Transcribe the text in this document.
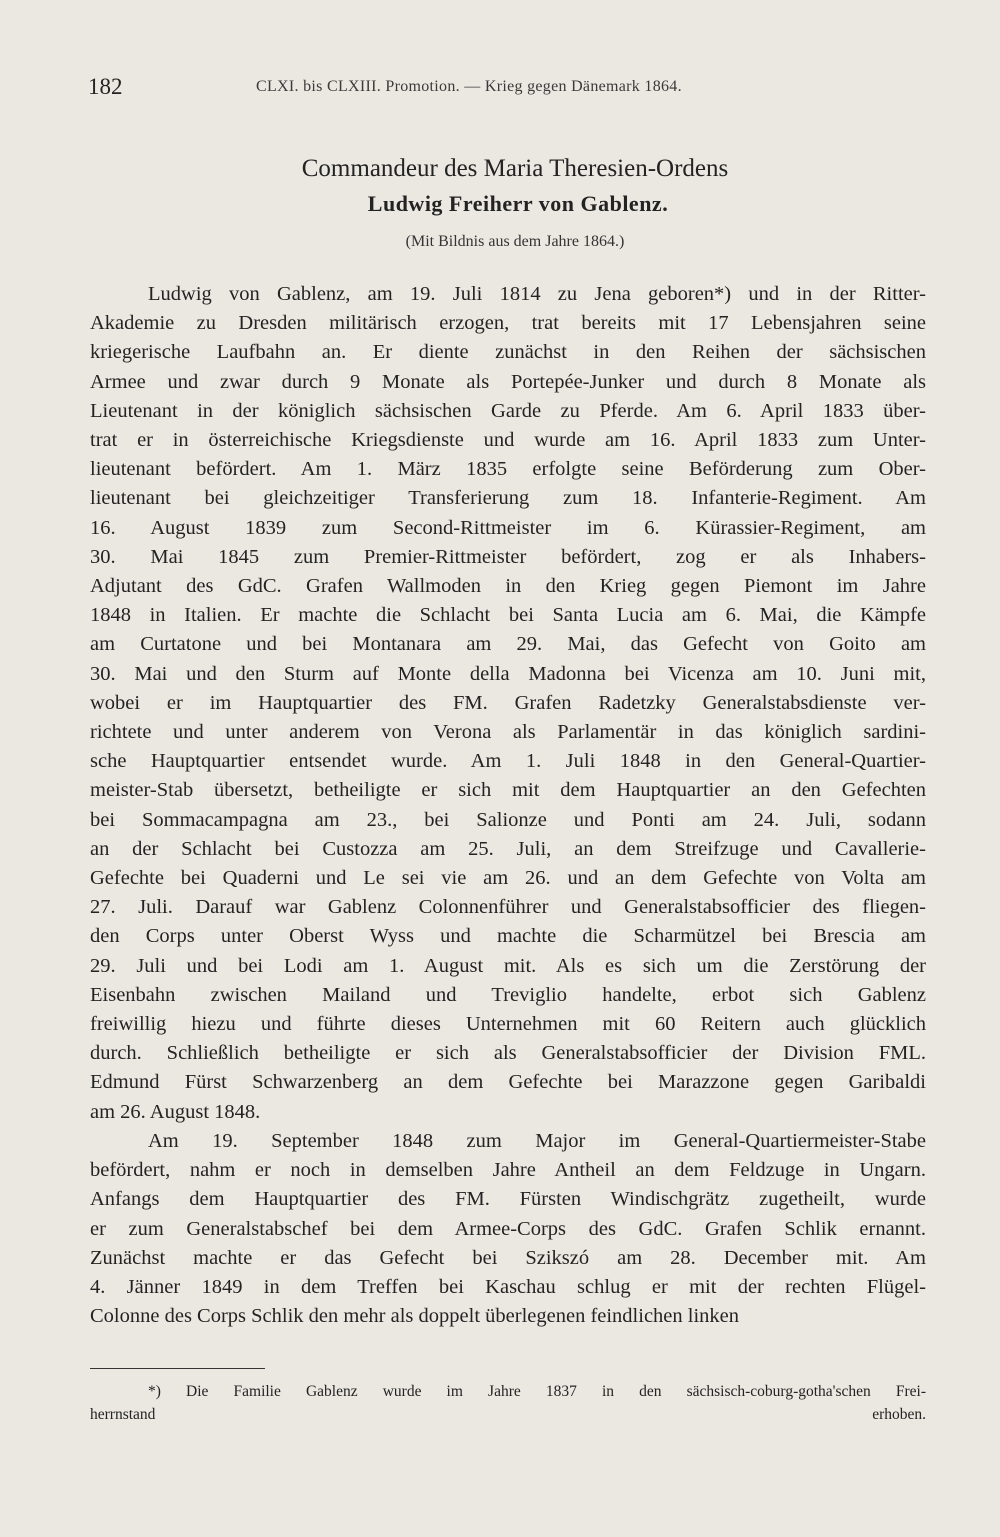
182	CLXI. bis CLXIII. Promotion. — Krieg gegen Dänemark 1864.
Commandeur des Maria Theresien-Ordens
Ludwig Freiherr von Gablenz.
(Mit Bildnis aus dem Jahre 1864.)
Ludwig von Gablenz, am 19. Juli 1814 zu Jena geboren*) und in der Ritter-
Akademie zu Dresden militärisch erzogen, trat bereits mit 17 Lebensjahren seine
kriegerische Laufbahn an. Er diente zunächst in den Reihen der sächsischen
Armee und zwar durch 9 Monate als Portepée-Junker und durch 8 Monate als
Lieutenant in der königlich sächsischen Garde zu Pferde. Am 6. April 1833 über-
trat er in österreichische Kriegsdienste und wurde am 16. April 1833 zum Unter-
lieutenant befördert. Am 1. März 1835 erfolgte seine Beförderung zum Ober-
lieutenant bei gleichzeitiger Transferierung zum 18. Infanterie-Regiment. Am
16. August 1839 zum Second-Rittmeister im 6. Kürassier-Regiment, am
30. Mai 1845 zum Premier-Rittmeister befördert, zog er als Inhabers-
Adjutant des GdC. Grafen Wallmoden in den Krieg gegen Piemont im Jahre
1848 in Italien. Er machte die Schlacht bei Santa Lucia am 6. Mai, die Kämpfe
am Curtatone und bei Montanara am 29. Mai, das Gefecht von Goito am
30. Mai und den Sturm auf Monte della Madonna bei Vicenza am 10. Juni mit,
wobei er im Hauptquartier des FM. Grafen Radetzky Generalstabsdienste ver-
richtete und unter anderem von Verona als Parlamentär in das königlich sardini-
sche Hauptquartier entsendet wurde. Am 1. Juli 1848 in den General-Quartier-
meister-Stab übersetzt, betheiligte er sich mit dem Hauptquartier an den Gefechten
bei Sommacampagna am 23., bei Salionze und Ponti am 24. Juli, sodann
an der Schlacht bei Custozza am 25. Juli, an dem Streifzuge und Cavallerie-
Gefechte bei Quaderni und Le sei vie am 26. und an dem Gefechte von Volta am
27. Juli. Darauf war Gablenz Colonnenführer und Generalstabsofficier des fliegen-
den Corps unter Oberst Wyss und machte die Scharmützel bei Brescia am
29. Juli und bei Lodi am 1. August mit. Als es sich um die Zerstörung der
Eisenbahn zwischen Mailand und Treviglio handelte, erbot sich Gablenz
freiwillig hiezu und führte dieses Unternehmen mit 60 Reitern auch glücklich
durch. Schließlich betheiligte er sich als Generalstabsofficier der Division FML.
Edmund Fürst Schwarzenberg an dem Gefechte bei Marazzone gegen Garibaldi
am 26. August 1848.
Am 19. September 1848 zum Major im General-Quartiermeister-Stabe
befördert, nahm er noch in demselben Jahre Antheil an dem Feldzuge in Ungarn.
Anfangs dem Hauptquartier des FM. Fürsten Windischgrätz zugetheilt, wurde
er zum Generalstabschef bei dem Armee-Corps des GdC. Grafen Schlik ernannt.
Zunächst machte er das Gefecht bei Szikszó am 28. December mit. Am
4. Jänner 1849 in dem Treffen bei Kaschau schlug er mit der rechten Flügel-
Colonne des Corps Schlik den mehr als doppelt überlegenen feindlichen linken
*) Die Familie Gablenz wurde im Jahre 1837 in den sächsisch-coburg-gotha'schen Frei-
herrnstand erhoben.
